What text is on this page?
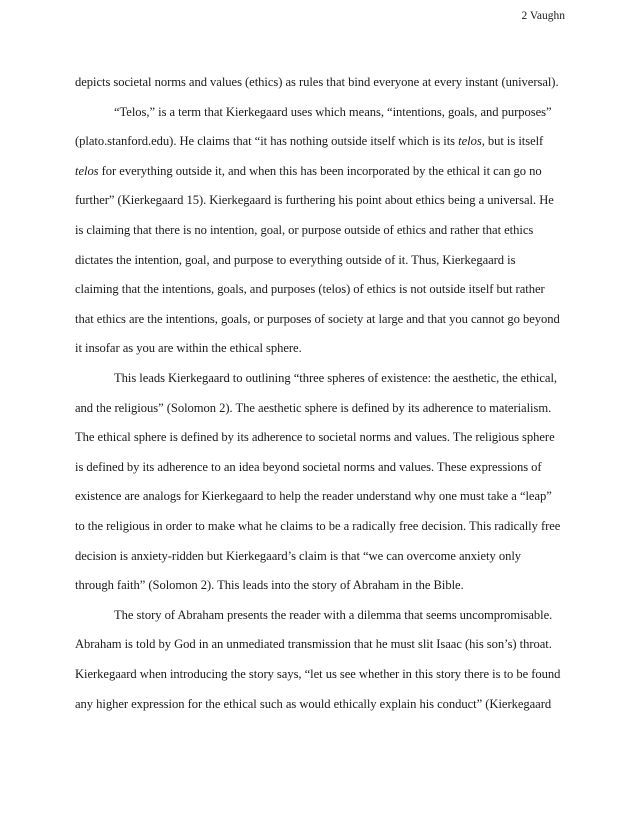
2 Vaughn
depicts societal norms and values (ethics) as rules that bind everyone at every instant (universal).
“Telos,” is a term that Kierkegaard uses which means, “intentions, goals, and purposes”
(plato.stanford.edu). He claims that “it has nothing outside itself which is its telos, but is itself
telos for everything outside it, and when this has been incorporated by the ethical it can go no
further” (Kierkegaard 15). Kierkegaard is furthering his point about ethics being a universal. He
is claiming that there is no intention, goal, or purpose outside of ethics and rather that ethics
dictates the intention, goal, and purpose to everything outside of it. Thus, Kierkegaard is
claiming that the intentions, goals, and purposes (telos) of ethics is not outside itself but rather
that ethics are the intentions, goals, or purposes of society at large and that you cannot go beyond
it insofar as you are within the ethical sphere.
This leads Kierkegaard to outlining “three spheres of existence: the aesthetic, the ethical,
and the religious” (Solomon 2). The aesthetic sphere is defined by its adherence to materialism.
The ethical sphere is defined by its adherence to societal norms and values. The religious sphere
is defined by its adherence to an idea beyond societal norms and values. These expressions of
existence are analogs for Kierkegaard to help the reader understand why one must take a “leap”
to the religious in order to make what he claims to be a radically free decision. This radically free
decision is anxiety-ridden but Kierkegaard’s claim is that “we can overcome anxiety only
through faith” (Solomon 2). This leads into the story of Abraham in the Bible.
The story of Abraham presents the reader with a dilemma that seems uncompromisable.
Abraham is told by God in an unmediated transmission that he must slit Isaac (his son’s) throat.
Kierkegaard when introducing the story says, “let us see whether in this story there is to be found
any higher expression for the ethical such as would ethically explain his conduct” (Kierkegaard
